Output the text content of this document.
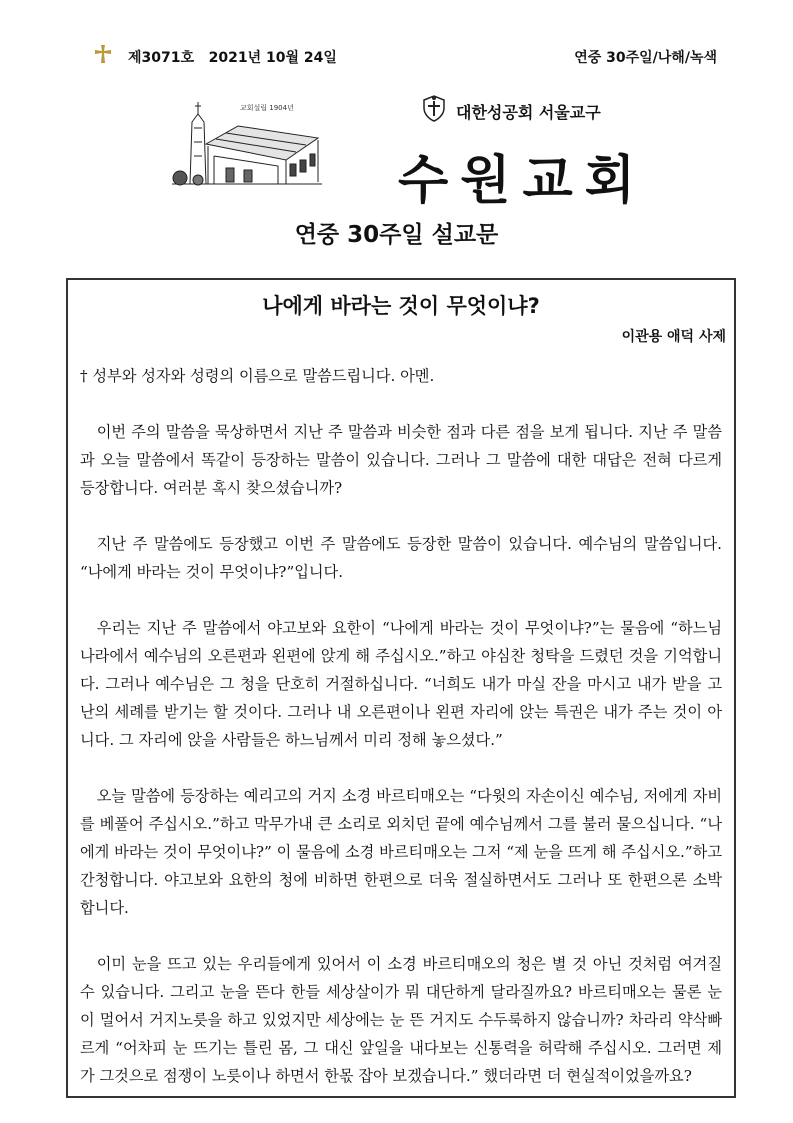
제3071호   2021년 10월 24일	연중 30주일/나해/녹색
교회설립 1904년	대한성공회 서울교구
수원교회
연중 30주일 설교문
나에게 바라는 것이 무엇이냐?
이관용 애덕 사제

† 성부와 성자와 성령의 이름으로 말씀드립니다. 아멘.

이번 주의 말씀을 묵상하면서 지난 주 말씀과 비슷한 점과 다른 점을 보게 됩니다. 지난 주 말씀과 오늘 말씀에서 똑같이 등장하는 말씀이 있습니다. 그러나 그 말씀에 대한 대답은 전혀 다르게 등장합니다. 여러분 혹시 찾으셨습니까?

지난 주 말씀에도 등장했고 이번 주 말씀에도 등장한 말씀이 있습니다. 예수님의 말씀입니다. “나에게 바라는 것이 무엇이냐?”입니다.

우리는 지난 주 말씀에서 야고보와 요한이 “나에게 바라는 것이 무엇이냐?”는 물음에 “하느님 나라에서 예수님의 오른편과 왼편에 앉게 해 주십시오.”하고 야심찬 청탁을 드렸던 것을 기억합니다. 그러나 예수님은 그 청을 단호히 거절하십니다. “너희도 내가 마실 잔을 마시고 내가 받을 고난의 세례를 받기는 할 것이다. 그러나 내 오른편이나 왼편 자리에 앉는 특권은 내가 주는 것이 아니다. 그 자리에 앉을 사람들은 하느님께서 미리 정해 놓으셨다.”

오늘 말씀에 등장하는 예리고의 거지 소경 바르티매오는 “다윗의 자손이신 예수님, 저에게 자비를 베풀어 주십시오.”하고 막무가내 큰 소리로 외치던 끝에 예수님께서 그를 불러 물으십니다. “나에게 바라는 것이 무엇이냐?” 이 물음에 소경 바르티매오는 그저 “제 눈을 뜨게 해 주십시오.”하고 간청합니다. 야고보와 요한의 청에 비하면 한편으로 더욱 절실하면서도 그러나 또 한편으론 소박합니다.

이미 눈을 뜨고 있는 우리들에게 있어서 이 소경 바르티매오의 청은 별 것 아닌 것처럼 여겨질 수 있습니다. 그리고 눈을 뜬다 한들 세상살이가 뭐 대단하게 달라질까요? 바르티매오는 물론 눈이 멀어서 거지노릇을 하고 있었지만 세상에는 눈 뜬 거지도 수두룩하지 않습니까? 차라리 약삭빠르게 “어차피 눈 뜨기는 틀린 몸, 그 대신 앞일을 내다보는 신통력을 허락해 주십시오. 그러면 제가 그것으로 점쟁이 노릇이나 하면서 한몫 잡아 보겠습니다.” 했더라면 더 현실적이었을까요?
